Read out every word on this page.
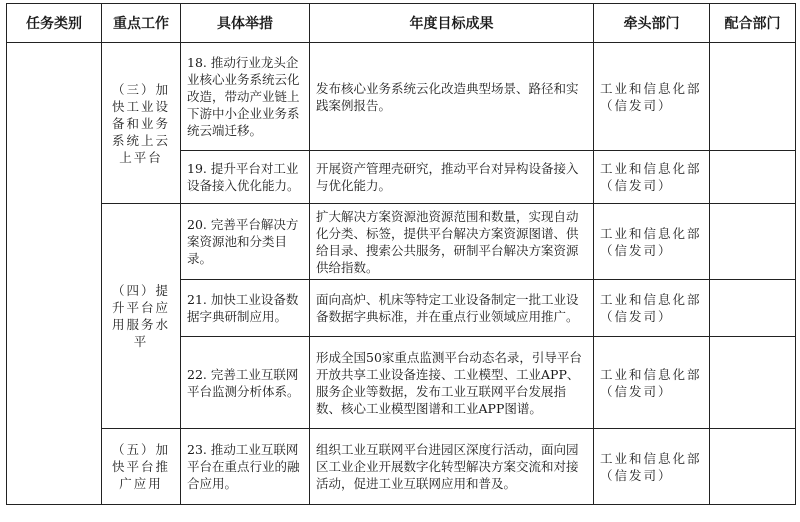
任务类别	重点工作	具体举措	年度目标成果	牵头部门	配合部门
	（三）加快工业设备和业务系统上云上平台	18. 推动行业龙头企业核心业务系统云化改造，带动产业链上下游中小企业业务系统云端迁移。	发布核心业务系统云化改造典型场景、路径和实践案例报告。	工业和信息化部（信发司）	
		19. 提升平台对工业设备接入优化能力。	开展资产管理壳研究，推动平台对异构设备接入与优化能力。	工业和信息化部（信发司）	
	（四）提升平台应用服务水平	20. 完善平台解决方案资源池和分类目录。	扩大解决方案资源池资源范围和数量，实现自动化分类、标签，提供平台解决方案资源图谱、供给目录、搜索公共服务，研制平台解决方案资源供给指数。	工业和信息化部（信发司）	
		21. 加快工业设备数据字典研制应用。	面向高炉、机床等特定工业设备制定一批工业设备数据字典标准，并在重点行业领域应用推广。	工业和信息化部（信发司）	
		22. 完善工业互联网平台监测分析体系。	形成全国50家重点监测平台动态名录，引导平台开放共享工业设备连接、工业模型、工业APP、服务企业等数据，发布工业互联网平台发展指数、核心工业模型图谱和工业APP图谱。	工业和信息化部（信发司）	
	（五）加快平台推广应用	23. 推动工业互联网平台在重点行业的融合应用。	组织工业互联网平台进园区深度行活动，面向园区工业企业开展数字化转型解决方案交流和对接活动，促进工业互联网应用和普及。	工业和信息化部（信发司）	
